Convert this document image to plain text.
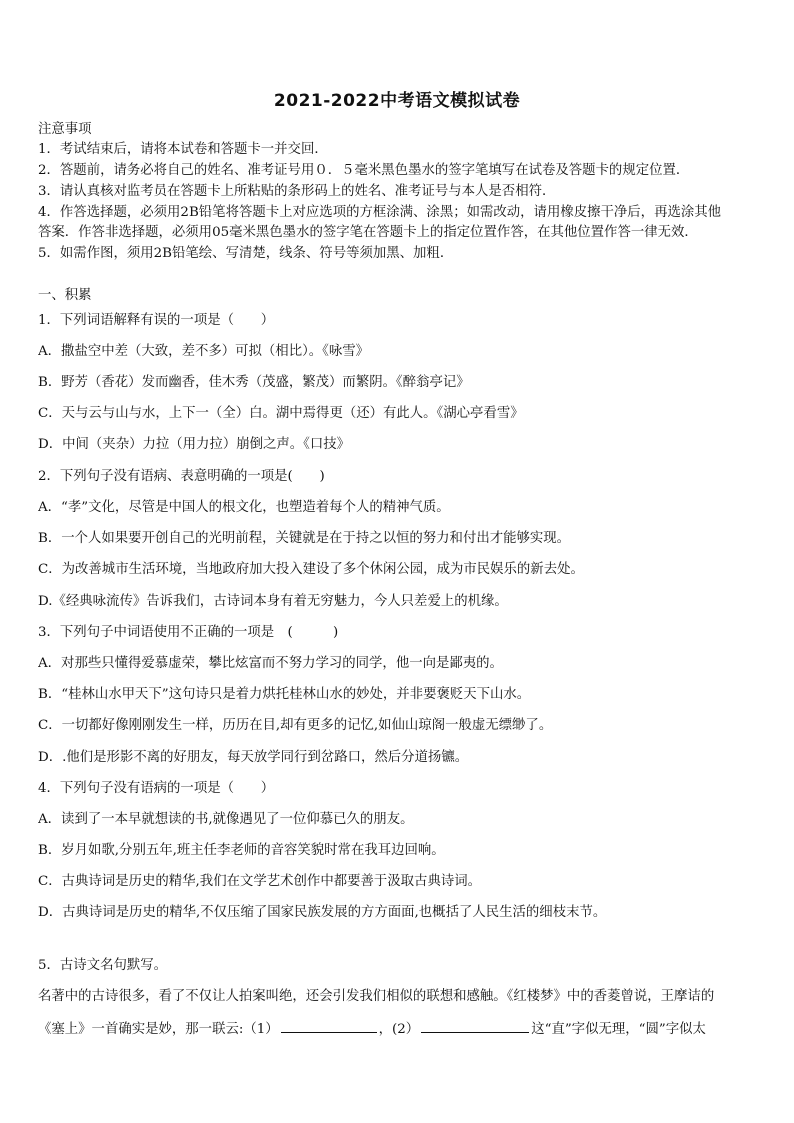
2021-2022中考语文模拟试卷
注意事项
1．考试结束后，请将本试卷和答题卡一并交回．
2．答题前，请务必将自己的姓名、准考证号用０．５毫米黑色墨水的签字笔填写在试卷及答题卡的规定位置．
3．请认真核对监考员在答题卡上所粘贴的条形码上的姓名、准考证号与本人是否相符．
4．作答选择题，必须用2B铅笔将答题卡上对应选项的方框涂满、涂黑；如需改动，请用橡皮擦干净后，再选涂其他
答案．作答非选择题，必须用05毫米黑色墨水的签字笔在答题卡上的指定位置作答，在其他位置作答一律无效．
5．如需作图，须用2B铅笔绘、写清楚，线条、符号等须加黑、加粗．
一、积累
1．下列词语解释有误的一项是（　　）
A．撒盐空中差（大致，差不多）可拟（相比）。《咏雪》
B．野芳（香花）发而幽香，佳木秀（茂盛，繁茂）而繁阴。《醉翁亭记》
C．天与云与山与水，上下一（全）白。湖中焉得更（还）有此人。《湖心亭看雪》
D．中间（夹杂）力拉（用力拉）崩倒之声。《口技》
2．下列句子没有语病、表意明确的一项是(　　)
A．“孝”文化，尽管是中国人的根文化，也塑造着每个人的精神气质。
B．一个人如果要开创自己的光明前程，关键就是在于持之以恒的努力和付出才能够实现。
C．为改善城市生活环境，当地政府加大投入建设了多个休闲公园，成为市民娱乐的新去处。
D.《经典咏流传》告诉我们，古诗词本身有着无穷魅力，今人只差爱上的机缘。
3．下列句子中词语使用不正确的一项是　(　　　)
A．对那些只懂得爱慕虚荣，攀比炫富而不努力学习的同学，他一向是鄙夷的。
B．“桂林山水甲天下”这句诗只是着力烘托桂林山水的妙处，并非要褒贬天下山水。
C．一切都好像刚刚发生一样，历历在目,却有更多的记忆,如仙山琼阁一般虚无缥缈了。
D．.他们是形影不离的好朋友，每天放学同行到岔路口，然后分道扬镳。
4．下列句子没有语病的一项是（　　）
A．读到了一本早就想读的书,就像遇见了一位仰慕已久的朋友。
B．岁月如歌,分别五年,班主任李老师的音容笑貌时常在我耳边回响。
C．古典诗词是历史的精华,我们在文学艺术创作中都要善于汲取古典诗词。
D．古典诗词是历史的精华,不仅压缩了国家民族发展的方方面面,也概括了人民生活的细枝末节。
5．古诗文名句默写。
名著中的古诗很多，看了不仅让人拍案叫绝，还会引发我们相似的联想和感触。《红楼梦》中的香菱曾说，王摩诘的
《塞上》一首确实是妙，那一联云:（1）	，(2）	这“直”字似无理，“圆”字似太
